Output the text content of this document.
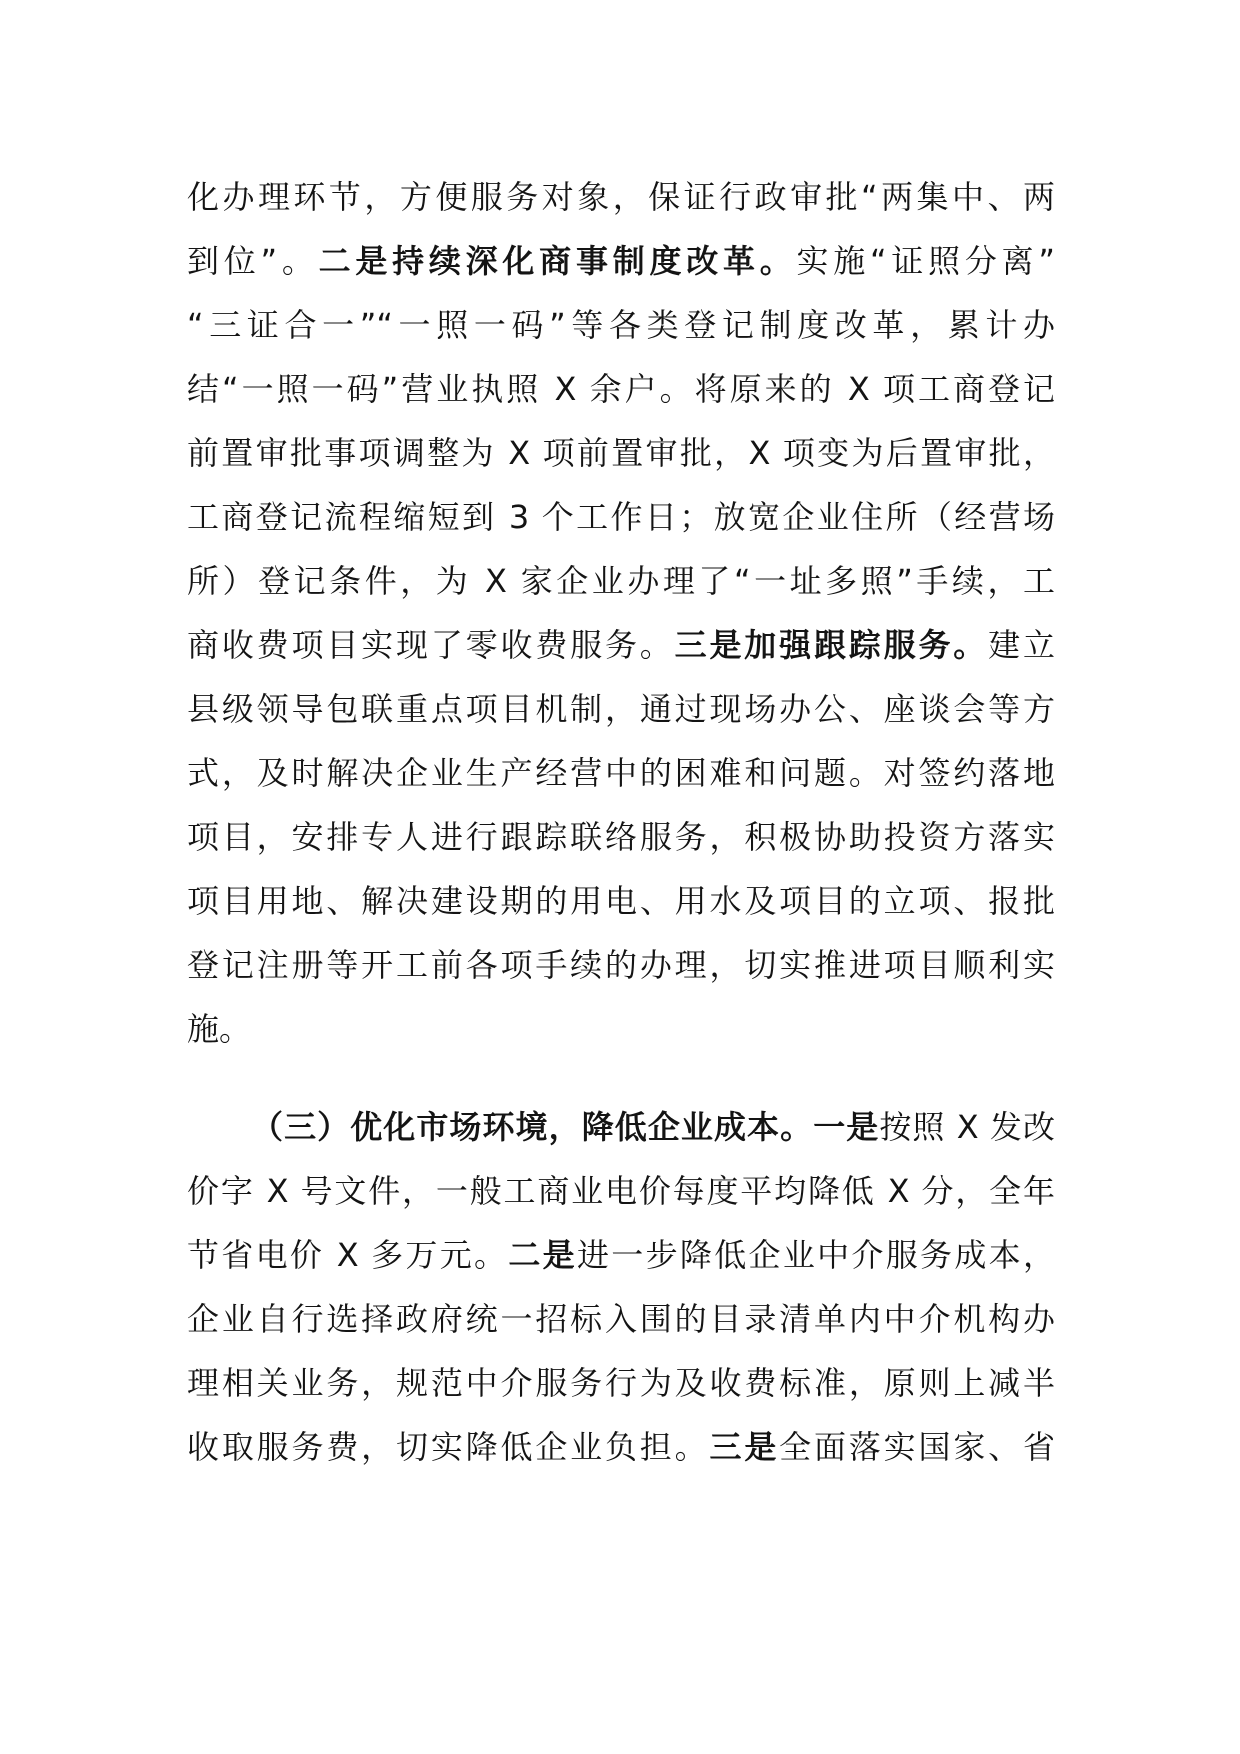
化办理环节，方便服务对象，保证行政审批“两集中、两
到位”。二是持续深化商事制度改革。实施“证照分离”
“三证合一”“一照一码”等各类登记制度改革，累计办
结“一照一码”营业执照 X 余户。将原来的 X 项工商登记
前置审批事项调整为 X 项前置审批，X 项变为后置审批，
工商登记流程缩短到 3 个工作日；放宽企业住所（经营场
所）登记条件，为 X 家企业办理了“一址多照”手续，工
商收费项目实现了零收费服务。三是加强跟踪服务。建立
县级领导包联重点项目机制，通过现场办公、座谈会等方
式，及时解决企业生产经营中的困难和问题。对签约落地
项目，安排专人进行跟踪联络服务，积极协助投资方落实
项目用地、解决建设期的用电、用水及项目的立项、报批
登记注册等开工前各项手续的办理，切实推进项目顺利实
施。
（三）优化市场环境，降低企业成本。一是按照 X 发改
价字 X 号文件，一般工商业电价每度平均降低 X 分，全年
节省电价 X 多万元。二是进一步降低企业中介服务成本，
企业自行选择政府统一招标入围的目录清单内中介机构办
理相关业务，规范中介服务行为及收费标准，原则上减半
收取服务费，切实降低企业负担。三是全面落实国家、省
